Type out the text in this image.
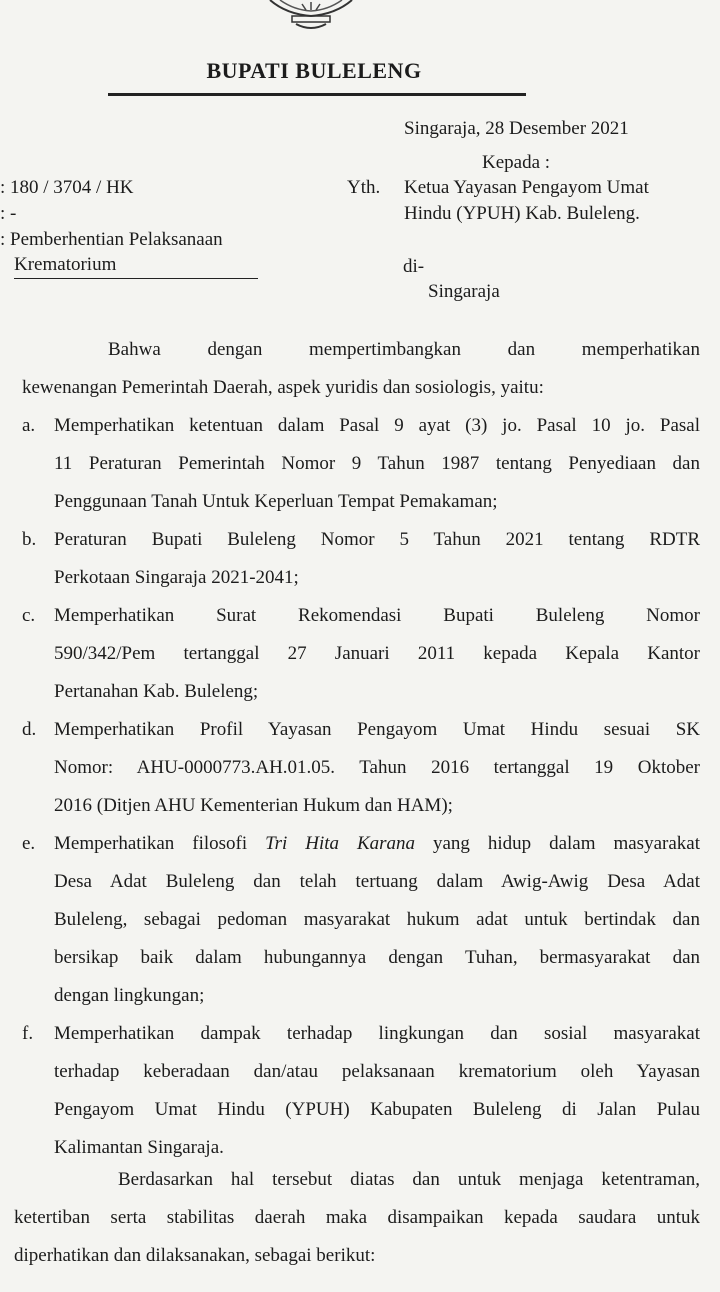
BUPATI BULELENG
Singaraja, 28 Desember 2021
Kepada :
: 180 / 3704 / HK
: -
: Pemberhentian Pelaksanaan
Krematorium
Yth. Ketua Yayasan Pengayom Umat
Hindu (YPUH) Kab. Buleleng.
di-
Singaraja
Bahwa dengan mempertimbangkan dan memperhatikan
kewenangan Pemerintah Daerah, aspek yuridis dan sosiologis, yaitu:
a. Memperhatikan ketentuan dalam Pasal 9 ayat (3) jo. Pasal 10 jo. Pasal
11 Peraturan Pemerintah Nomor 9 Tahun 1987 tentang Penyediaan dan
Penggunaan Tanah Untuk Keperluan Tempat Pemakaman;
b. Peraturan Bupati Buleleng Nomor 5 Tahun 2021 tentang RDTR
Perkotaan Singaraja 2021-2041;
c. Memperhatikan Surat Rekomendasi Bupati Buleleng Nomor
590/342/Pem tertanggal 27 Januari 2011 kepada Kepala Kantor
Pertanahan Kab. Buleleng;
d. Memperhatikan Profil Yayasan Pengayom Umat Hindu sesuai SK
Nomor: AHU-0000773.AH.01.05. Tahun 2016 tertanggal 19 Oktober
2016 (Ditjen AHU Kementerian Hukum dan HAM);
e. Memperhatikan filosofi Tri Hita Karana yang hidup dalam masyarakat
Desa Adat Buleleng dan telah tertuang dalam Awig-Awig Desa Adat
Buleleng, sebagai pedoman masyarakat hukum adat untuk bertindak dan
bersikap baik dalam hubungannya dengan Tuhan, bermasyarakat dan
dengan lingkungan;
f. Memperhatikan dampak terhadap lingkungan dan sosial masyarakat
terhadap keberadaan dan/atau pelaksanaan krematorium oleh Yayasan
Pengayom Umat Hindu (YPUH) Kabupaten Buleleng di Jalan Pulau
Kalimantan Singaraja.
Berdasarkan hal tersebut diatas dan untuk menjaga ketentraman,
ketertiban serta stabilitas daerah maka disampaikan kepada saudara untuk
diperhatikan dan dilaksanakan, sebagai berikut:
